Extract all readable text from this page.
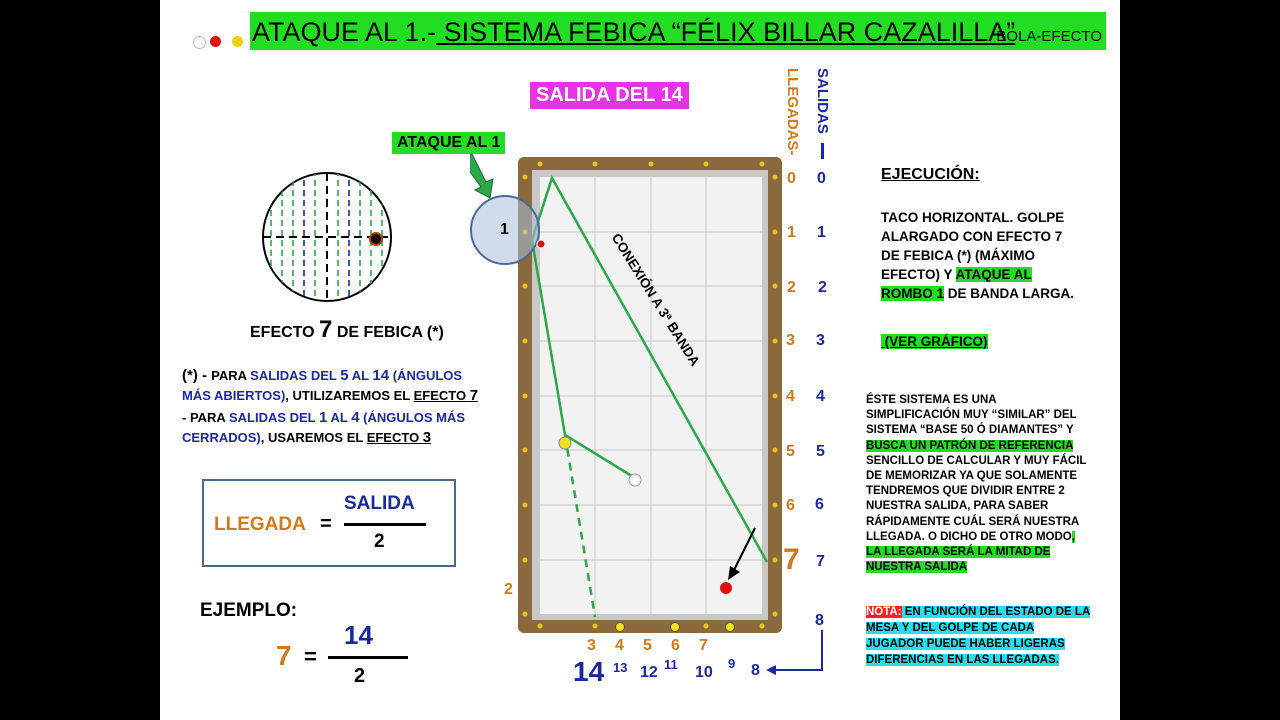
ATAQUE AL 1.- SISTEMA FEBICA “FÉLIX BILLAR CAZALILLA”
BOLA-EFECTO
SALIDA DEL 14
ATAQUE AL 1
EFECTO 7 DE FEBICA (*)
(*) - PARA SALIDAS DEL 5 AL 14 (ÁNGULOS
MÁS ABIERTOS), UTILIZAREMOS EL EFECTO 7
- PARA SALIDAS DEL 1 AL 4 (ÁNGULOS MÁS
CERRADOS), USAREMOS EL EFECTO 3
LLEGADA =
SALIDA
2
EJEMPLO:
7 =
14
2
1
CONEXIÓN A 3ª BANDA
LLEGADAS- SALIDAS
0
1
2
3
4
5
6
7
0
1
2
3
4
5
6
7
8
2
3 4 5 6 7
14 13 12 11 10
9 8
EJECUCIÓN:
TACO HORIZONTAL. GOLPE ALARGADO CON EFECTO 7 DE FEBICA (*) (MÁXIMO EFECTO) Y ATAQUE AL ROMBO 1 DE BANDA LARGA.
(VER GRÁFICO)
ÉSTE SISTEMA ES UNA SIMPLIFICACIÓN MUY “SIMILAR” DEL SISTEMA “BASE 50 Ó DIAMANTES” Y BUSCA UN PATRÓN DE REFERENCIA SENCILLO DE CALCULAR Y MUY FÁCIL DE MEMORIZAR YA QUE SOLAMENTE TENDREMOS QUE DIVIDIR ENTRE 2 NUESTRA SALIDA, PARA SABER RÁPIDAMENTE CUÁL SERÁ NUESTRA LLEGADA. O DICHO DE OTRO MODO, LA LLEGADA SERÁ LA MITAD DE NUESTRA SALIDA
NOTA: EN FUNCIÓN DEL ESTADO DE LA MESA Y DEL GOLPE DE CADA JUGADOR PUEDE HABER LIGERAS DIFERENCIAS EN LAS LLEGADAS.
